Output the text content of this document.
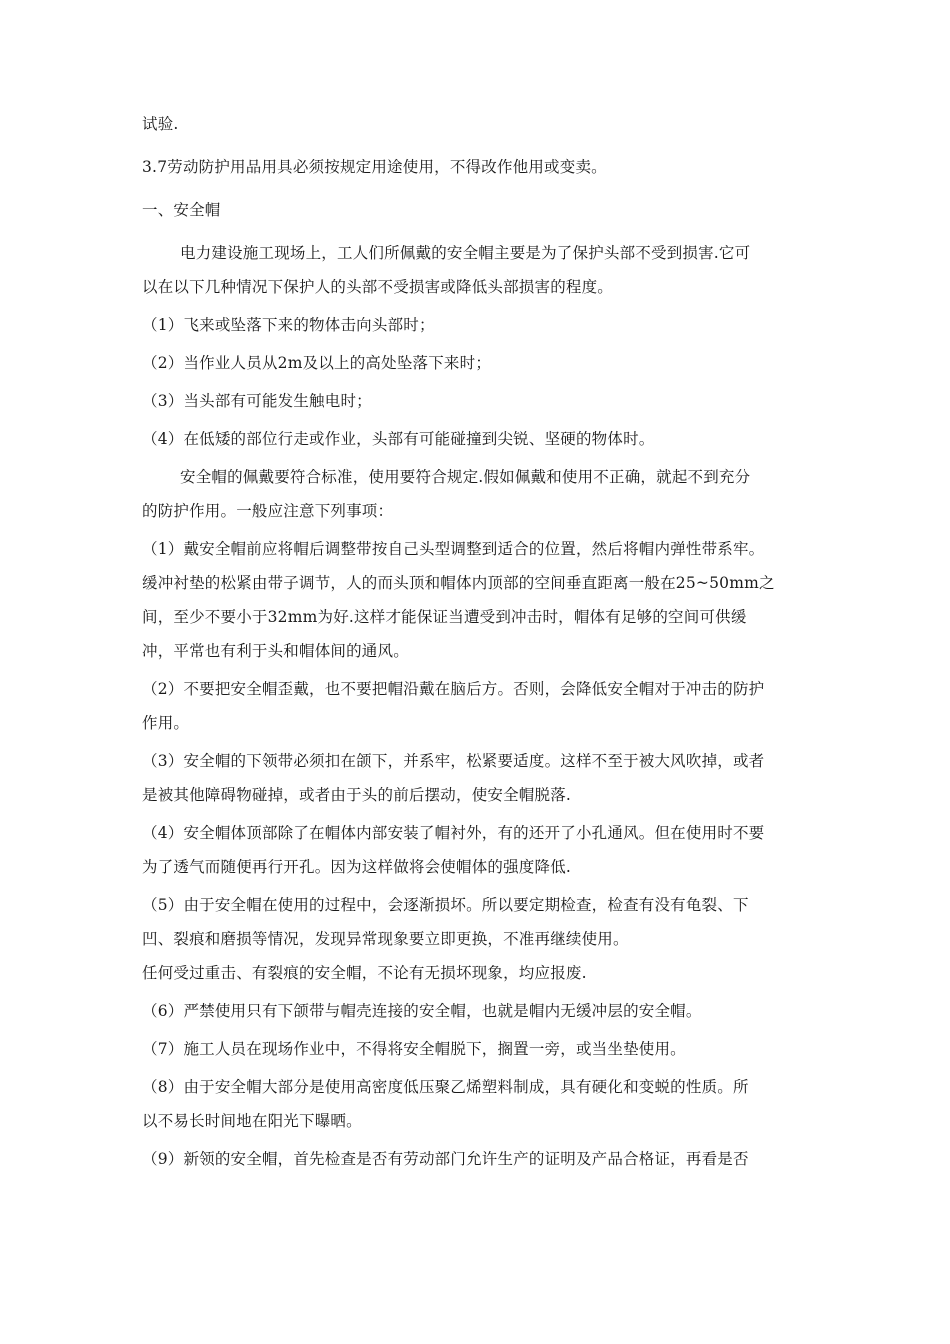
试验.
3.7劳动防护用品用具必须按规定用途使用，不得改作他用或变卖。
一、安全帽
电力建设施工现场上，工人们所佩戴的安全帽主要是为了保护头部不受到损害.它可
以在以下几种情况下保护人的头部不受损害或降低头部损害的程度。
（1）飞来或坠落下来的物体击向头部时；
（2）当作业人员从2m及以上的高处坠落下来时；
（3）当头部有可能发生触电时；
（4）在低矮的部位行走或作业，头部有可能碰撞到尖锐、坚硬的物体时。
安全帽的佩戴要符合标准，使用要符合规定.假如佩戴和使用不正确，就起不到充分
的防护作用。一般应注意下列事项：
（1）戴安全帽前应将帽后调整带按自己头型调整到适合的位置，然后将帽内弹性带系牢。
缓冲衬垫的松紧由带子调节，人的而头顶和帽体内顶部的空间垂直距离一般在25~50mm之
间，至少不要小于32mm为好.这样才能保证当遭受到冲击时，帽体有足够的空间可供缓
冲，平常也有利于头和帽体间的通风。
（2）不要把安全帽歪戴，也不要把帽沿戴在脑后方。否则，会降低安全帽对于冲击的防护
作用。
（3）安全帽的下领带必须扣在颌下，并系牢，松紧要适度。这样不至于被大风吹掉，或者
是被其他障碍物碰掉，或者由于头的前后摆动，使安全帽脱落.
（4）安全帽体顶部除了在帽体内部安装了帽衬外，有的还开了小孔通风。但在使用时不要
为了透气而随便再行开孔。因为这样做将会使帽体的强度降低.
（5）由于安全帽在使用的过程中，会逐渐损坏。所以要定期检查，检查有没有龟裂、下
凹、裂痕和磨损等情况，发现异常现象要立即更换，不准再继续使用。
任何受过重击、有裂痕的安全帽，不论有无损坏现象，均应报废.
（6）严禁使用只有下颌带与帽壳连接的安全帽，也就是帽内无缓冲层的安全帽。
（7）施工人员在现场作业中，不得将安全帽脱下，搁置一旁，或当坐垫使用。
（8）由于安全帽大部分是使用高密度低压聚乙烯塑料制成，具有硬化和变蜕的性质。所
以不易长时间地在阳光下曝晒。
（9）新领的安全帽，首先检查是否有劳动部门允许生产的证明及产品合格证，再看是否
